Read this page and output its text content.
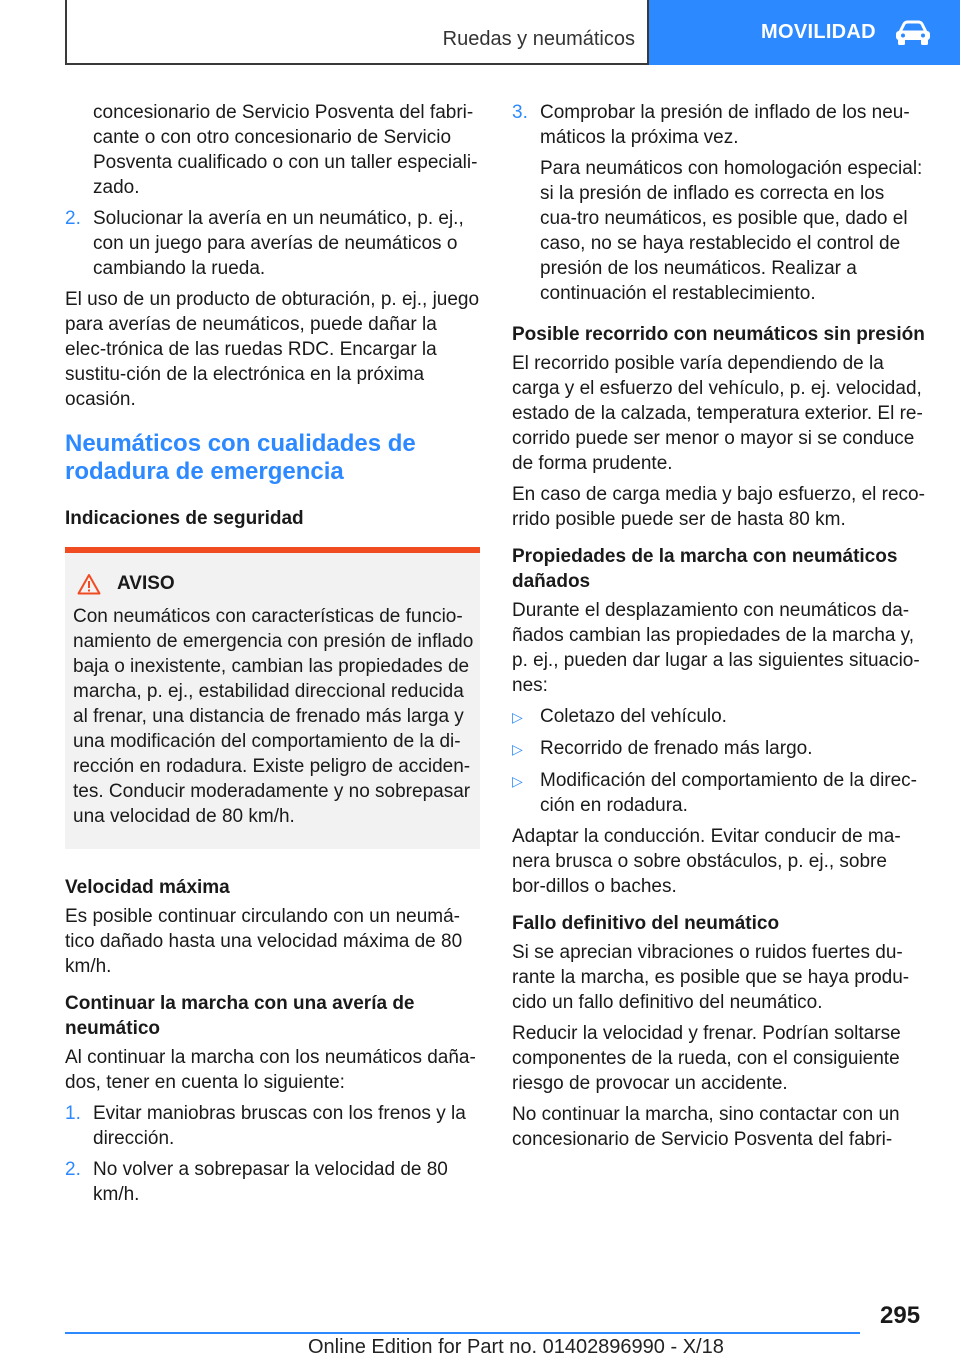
Ruedas y neumáticos	MOVILIDAD

concesionario de Servicio Posventa del fabri-cante o con otro concesionario de Servicio Posventa cualificado o con un taller especiali-zado.

2. Solucionar la avería en un neumático, p. ej., con un juego para averías de neumáticos o cambiando la rueda.

El uso de un producto de obturación, p. ej., juego para averías de neumáticos, puede dañar la elec-trónica de las ruedas RDC. Encargar la sustitu-ción de la electrónica en la próxima ocasión.

Neumáticos con cualidades de rodadura de emergencia
Indicaciones de seguridad
AVISO
Con neumáticos con características de funcio-namiento de emergencia con presión de inflado baja o inexistente, cambian las propiedades de marcha, p. ej., estabilidad direccional reducida al frenar, una distancia de frenado más larga y una modificación del comportamiento de la di-rección en rodadura. Existe peligro de acciden-tes. Conducir moderadamente y no sobrepasar una velocidad de 80 km/h.
Velocidad máxima

Es posible continuar circulando con un neumá-tico dañado hasta una velocidad máxima de 80 km/h.

Continuar la marcha con una avería de neumático

Al continuar la marcha con los neumáticos daña-dos, tener en cuenta lo siguiente:

1. Evitar maniobras bruscas con los frenos y la dirección.
2. No volver a sobrepasar la velocidad de 80 km/h.
3. Comprobar la presión de inflado de los neu-máticos la próxima vez.

Para neumáticos con homologación especial: si la presión de inflado es correcta en los cua-tro neumáticos, es posible que, dado el caso, no se haya restablecido el control de presión de los neumáticos. Realizar a continuación el restablecimiento.

Posible recorrido con neumáticos sin presión

El recorrido posible varía dependiendo de la carga y el esfuerzo del vehículo, p. ej. velocidad, estado de la calzada, temperatura exterior. El re-corrido puede ser menor o mayor si se conduce de forma prudente.

En caso de carga media y bajo esfuerzo, el reco-rrido posible puede ser de hasta 80 km.

Propiedades de la marcha con neumáticos dañados

Durante el desplazamiento con neumáticos da-ñados cambian las propiedades de la marcha y, p. ej., pueden dar lugar a las siguientes situacio-nes:

▷ Coletazo del vehículo.
▷ Recorrido de frenado más largo.
▷ Modificación del comportamiento de la direc-ción en rodadura.

Adaptar la conducción. Evitar conducir de ma-nera brusca o sobre obstáculos, p. ej., sobre bor-dillos o baches.

Fallo definitivo del neumático

Si se aprecian vibraciones o ruidos fuertes du-rante la marcha, es posible que se haya produ-cido un fallo definitivo del neumático.

Reducir la velocidad y frenar. Podrían soltarse componentes de la rueda, con el consiguiente riesgo de provocar un accidente.

No continuar la marcha, sino contactar con un concesionario de Servicio Posventa del fabri-

295
Online Edition for Part no. 01402896990 - X/18
